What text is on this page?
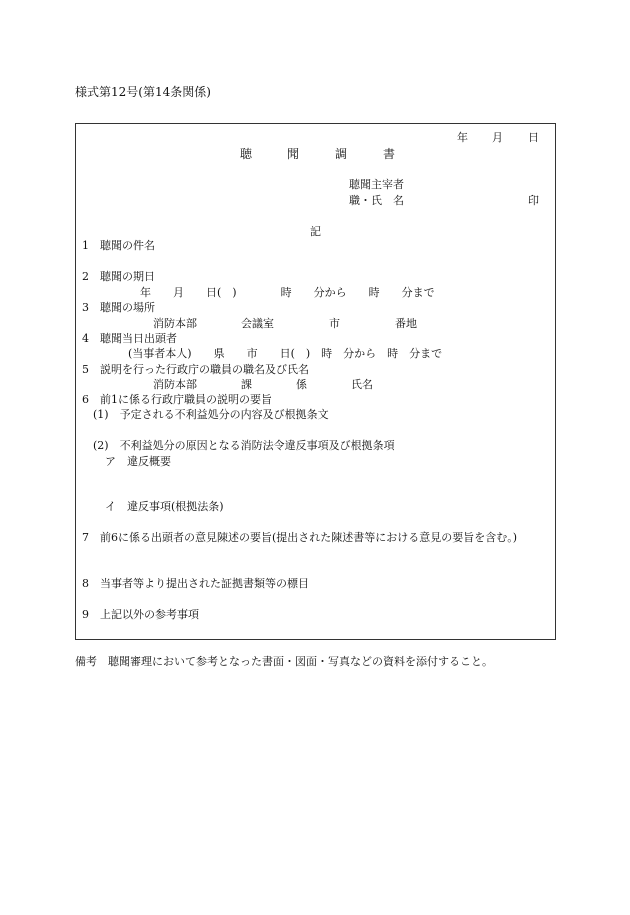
様式第12号(第14条関係)
年 月 日
聴	聞	調	書
聴聞主宰者
職・氏　名	印
記
1　聴聞の件名
2　聴聞の期日
年　　月　　日(　)　　　　時　　分から　　時　　分まで
3　聴聞の場所
消防本部　　　　会議室　　　　　市　　　　　番地
4　聴聞当日出頭者
(当事者本人)　　県　　市　　日(　)　時　分から　時　分まで
5　説明を行った行政庁の職員の職名及び氏名
消防本部　　　　課　　　　係　　　　氏名
6　前1に係る行政庁職員の説明の要旨
(1)　予定される不利益処分の内容及び根拠条文
(2)　不利益処分の原因となる消防法令違反事項及び根拠条項
ア　違反概要
イ　違反事項(根拠法条)
7　前6に係る出頭者の意見陳述の要旨(提出された陳述書等における意見の要旨を含む。)
8　当事者等より提出された証拠書類等の標目
9　上記以外の参考事項
備考　聴聞審理において参考となった書面・図面・写真などの資料を添付すること。
